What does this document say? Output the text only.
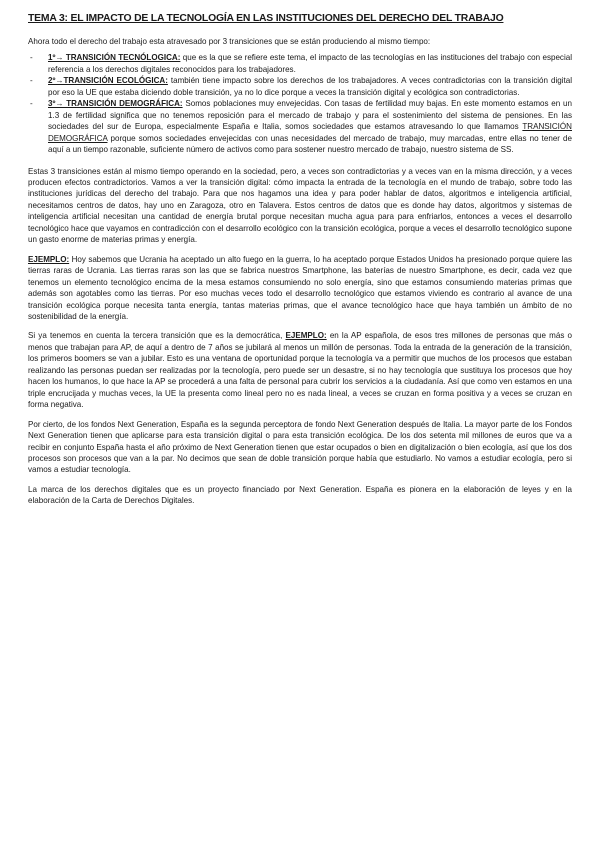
TEMA 3: EL IMPACTO DE LA TECNOLOGÍA EN LAS INSTITUCIONES DEL DERECHO DEL TRABAJO

Ahora todo el derecho del trabajo esta atravesado por 3 transiciones que se están produciendo al mismo tiempo:

- 1º→ TRANSICIÓN TECNÓLOGICA: que es la que se refiere este tema, el impacto de las tecnologías en las instituciones del trabajo con especial referencia a los derechos digitales reconocidos para los trabajadores.
- 2º→TRANSICIÓN ECOLÓGICA: también tiene impacto sobre los derechos de los trabajadores. A veces contradictorias con la transición digital por eso la UE que estaba diciendo doble transición, ya no lo dice porque a veces la transición digital y ecológica son contradictorias.
- 3º→ TRANSICIÓN DEMOGRÁFICA: Somos poblaciones muy envejecidas. Con tasas de fertilidad muy bajas. En este momento estamos en un 1.3 de fertilidad significa que no tenemos reposición para el mercado de trabajo y para el sostenimiento del sistema de pensiones. En las sociedades del sur de Europa, especialmente España e Italia, somos sociedades que estamos atravesando lo que llamamos TRANSICIÓN DEMOGRÁFICA porque somos sociedades envejecidas con unas necesidades del mercado de trabajo, muy marcadas, entre ellas no tener de aquí a un tiempo razonable, suficiente número de activos como para sostener nuestro mercado de trabajo, nuestro sistema de SS.

Estas 3 transiciones están al mismo tiempo operando en la sociedad, pero, a veces son contradictorias y a veces van en la misma dirección, y a veces producen efectos contradictorios. Vamos a ver la transición digital: cómo impacta la entrada de la tecnología en el mundo de trabajo, sobre todo las instituciones jurídicas del derecho del trabajo. Para que nos hagamos una idea y para poder hablar de datos, algoritmos e inteligencia artificial, necesitamos centros de datos, hay uno en Zaragoza, otro en Talavera. Estos centros de datos que es donde hay datos, algoritmos y sistemas de inteligencia artificial necesitan una cantidad de energía brutal porque necesitan mucha agua para para enfriarlos, entonces a veces el desarrollo tecnológico hace que vayamos en contradicción con el desarrollo ecológico con la transición ecológica, porque a veces el desarrollo tecnológico supone un gasto enorme de materias primas y energía.

EJEMPLO: Hoy sabemos que Ucrania ha aceptado un alto fuego en la guerra, lo ha aceptado porque Estados Unidos ha presionado porque quiere las tierras raras de Ucrania. Las tierras raras son las que se fabrica nuestros Smartphone, las baterías de nuestro Smartphone, es decir, cada vez que tenemos un elemento tecnológico encima de la mesa estamos consumiendo no solo energía, sino que estamos consumiendo materias primas que además son agotables como las tierras. Por eso muchas veces todo el desarrollo tecnológico que estamos viviendo es contrario al avance de una transición ecológica porque necesita tanta energía, tantas materias primas, que el avance tecnológico hace que haya también un ámbito de no sostenibilidad de la energía.

Si ya tenemos en cuenta la tercera transición que es la democrática, EJEMPLO: en la AP española, de esos tres millones de personas que más o menos que trabajan para AP, de aquí a dentro de 7 años se jubilará al menos un millón de personas. Toda la entrada de la generación de la transición, los primeros boomers se van a jubilar. Esto es una ventana de oportunidad porque la tecnología va a permitir que muchos de los procesos que estaban realizando las personas puedan ser realizadas por la tecnología, pero puede ser un desastre, si no hay tecnología que sustituya los procesos que hoy hacen los humanos, lo que hace la AP se procederá a una falta de personal para cubrir los servicios a la ciudadanía. Así que como ven estamos en una triple encrucijada y muchas veces, la UE la presenta como lineal pero no es nada lineal, a veces se cruzan en forma positiva y a veces se cruzan en forma negativa.

Por cierto, de los fondos Next Generation, España es la segunda perceptora de fondo Next Generation después de Italia. La mayor parte de los Fondos Next Generation tienen que aplicarse para esta transición digital o para esta transición ecológica. De los dos setenta mil millones de euros que va a recibir en conjunto España hasta el año próximo de Next Generation tienen que estar ocupados o bien en digitalización o bien ecología, así que los dos procesos son procesos que van a la par. No decimos que sean de doble transición porque había que estudiarlo. No vamos a estudiar ecología, pero si vamos a estudiar tecnología.

La marca de los derechos digitales que es un proyecto financiado por Next Generation. España es pionera en la elaboración de leyes y en la elaboración de la Carta de Derechos Digitales.
